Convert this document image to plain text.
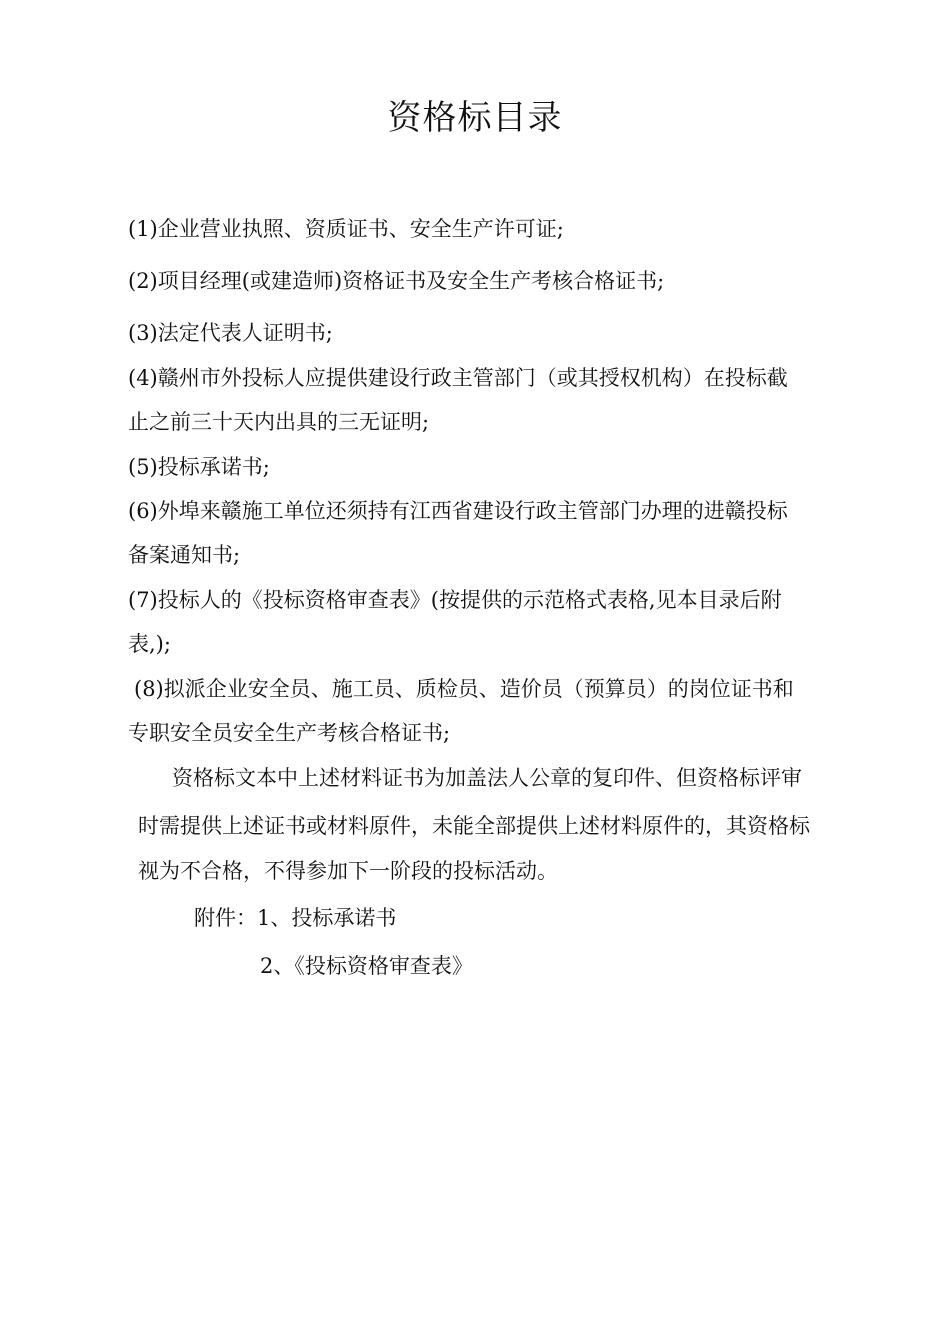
资格标目录
(1)企业营业执照、资质证书、安全生产许可证;
(2)项目经理(或建造师)资格证书及安全生产考核合格证书;
(3)法定代表人证明书;
(4)赣州市外投标人应提供建设行政主管部门（或其授权机构）在投标截
止之前三十天内出具的三无证明;
(5)投标承诺书;
(6)外埠来赣施工单位还须持有江西省建设行政主管部门办理的进赣投标
备案通知书;
(7)投标人的《投标资格审查表》(按提供的示范格式表格,见本目录后附
表,);
(8)拟派企业安全员、施工员、质检员、造价员（预算员）的岗位证书和
专职安全员安全生产考核合格证书;
资格标文本中上述材料证书为加盖法人公章的复印件、但资格标评审
时需提供上述证书或材料原件，未能全部提供上述材料原件的，其资格标
视为不合格，不得参加下一阶段的投标活动。
附件：1、投标承诺书
2、《投标资格审查表》
